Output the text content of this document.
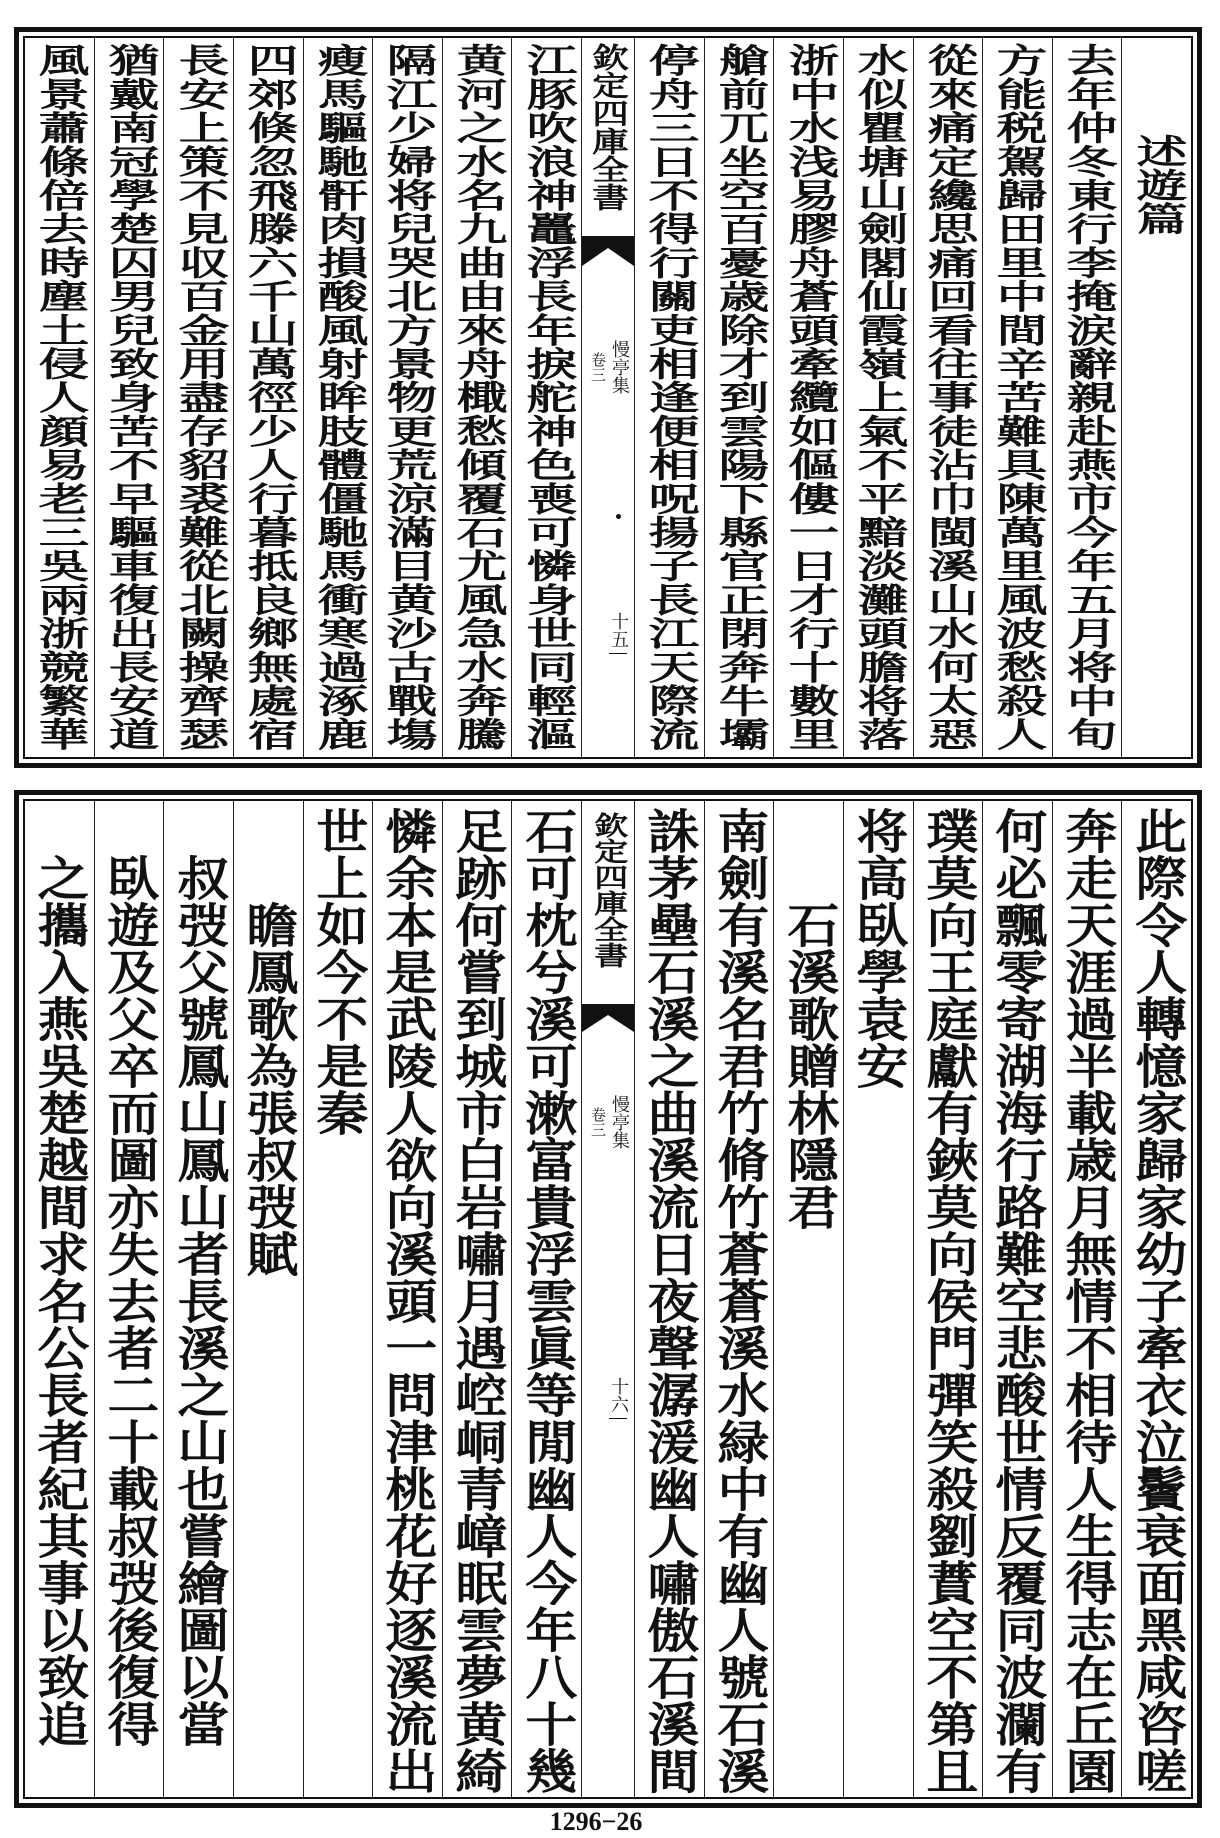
述遊篇
去年仲冬東行李掩涙辭親赴燕市今年五月将中旬
方能税駕歸田里中間辛苦難具陳萬里風波愁殺人
從來痛定纔思痛回看往事徒沾巾閩溪山水何太惡
水似瞿塘山劍閣仙霞嶺上氣不平黯淡灘頭膽将落
浙中水浅易膠舟蒼頭牽纜如傴僂一日才行十數里
艙前兀坐空百憂歳除才到雲陽下縣官正閉奔牛壩
停舟三日不得行關吏相逢便相呪揚子長江天際流
欽定四庫全書
慢亭集
卷三
十五
江豚吹浪神鼉浮長年捩舵神色喪可憐身世同輕漚
黄河之水名九曲由來舟檝愁傾覆石尤風急水奔騰
隔江少婦将兒哭北方景物更荒涼滿目黄沙古戰塲
瘦馬驅馳骭肉損酸風射眸肢體僵馳馬衝寒過涿鹿
四郊倏忽飛滕六千山萬徑少人行暮抵良鄉無處宿
長安上策不見収百金用盡存貂裘難從北闕操齊瑟
猶戴南冠學楚囚男兒致身苦不早驅車復出長安道
風景蕭條倍去時塵土侵人顔易老三吳兩浙競繁華
此際令人轉憶家歸家幼子牽衣泣鬢衰面黑咸咨嗟
奔走天涯過半載歳月無情不相待人生得志在丘園
何必飄零寄湖海行路難空悲酸世情反覆同波瀾有
璞莫向王庭獻有鋏莫向侯門彈笑殺劉蕡空不第且
将高臥學袁安
石溪歌贈林隱君
南劍有溪名君竹脩竹蒼蒼溪水緑中有幽人號石溪
誅茅壘石溪之曲溪流日夜聲潺湲幽人嘯傲石溪間
欽定四庫全書
慢亭集
卷三
十六
石可枕兮溪可漱富貴浮雲眞等閒幽人今年八十幾
足跡何嘗到城市白岩嘯月遇崆峒青嶂眠雲夢黄綺
憐余本是武陵人欲向溪頭一問津桃花好逐溪流出
世上如今不是秦
瞻鳳歌為張叔弢賦
叔弢父號鳳山鳳山者長溪之山也嘗繪圖以當
臥遊及父卒而圖亦失去者二十載叔弢後復得
之攜入燕吳楚越間求名公長者紀其事以致追
1296−26
